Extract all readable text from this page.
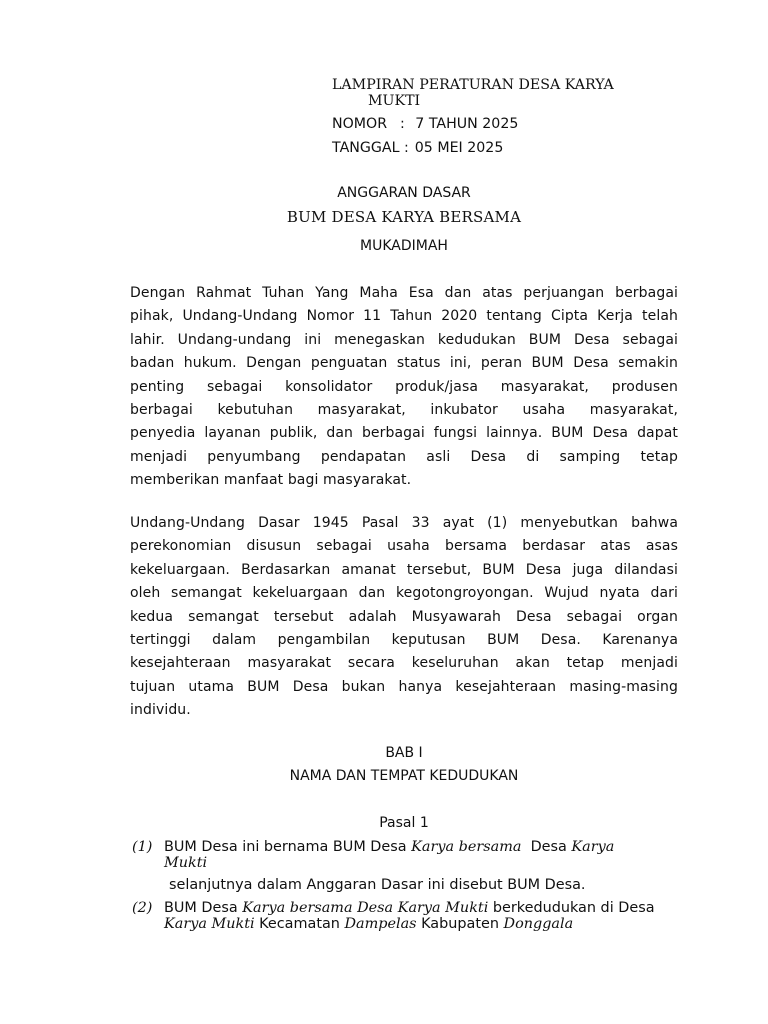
LAMPIRAN PERATURAN DESA KARYA
MUKTI
NOMOR : 7 TAHUN 2025
TANGGAL : 05 MEI 2025
ANGGARAN DASAR
BUM DESA KARYA BERSAMA
MUKADIMAH
Dengan Rahmat Tuhan Yang Maha Esa dan atas perjuangan berbagai
pihak, Undang-Undang Nomor 11 Tahun 2020 tentang Cipta Kerja telah
lahir. Undang-undang ini menegaskan kedudukan BUM Desa sebagai
badan hukum. Dengan penguatan status ini, peran BUM Desa semakin
penting sebagai konsolidator produk/jasa masyarakat, produsen
berbagai kebutuhan masyarakat, inkubator usaha masyarakat,
penyedia layanan publik, dan berbagai fungsi lainnya. BUM Desa dapat
menjadi penyumbang pendapatan asli Desa di samping tetap
memberikan manfaat bagi masyarakat.
Undang-Undang Dasar 1945 Pasal 33 ayat (1) menyebutkan bahwa
perekonomian disusun sebagai usaha bersama berdasar atas asas
kekeluargaan. Berdasarkan amanat tersebut, BUM Desa juga dilandasi
oleh semangat kekeluargaan dan kegotongroyongan. Wujud nyata dari
kedua semangat tersebut adalah Musyawarah Desa sebagai organ
tertinggi dalam pengambilan keputusan BUM Desa. Karenanya
kesejahteraan masyarakat secara keseluruhan akan tetap menjadi
tujuan utama BUM Desa bukan hanya kesejahteraan masing-masing
individu.
BAB I
NAMA DAN TEMPAT KEDUDUKAN
Pasal 1
(1) BUM Desa ini bernama BUM Desa Karya bersama  Desa Karya
Mukti
selanjutnya dalam Anggaran Dasar ini disebut BUM Desa.
(2) BUM Desa Karya bersama Desa Karya Mukti berkedudukan di Desa
Karya Mukti Kecamatan Dampelas Kabupaten Donggala
